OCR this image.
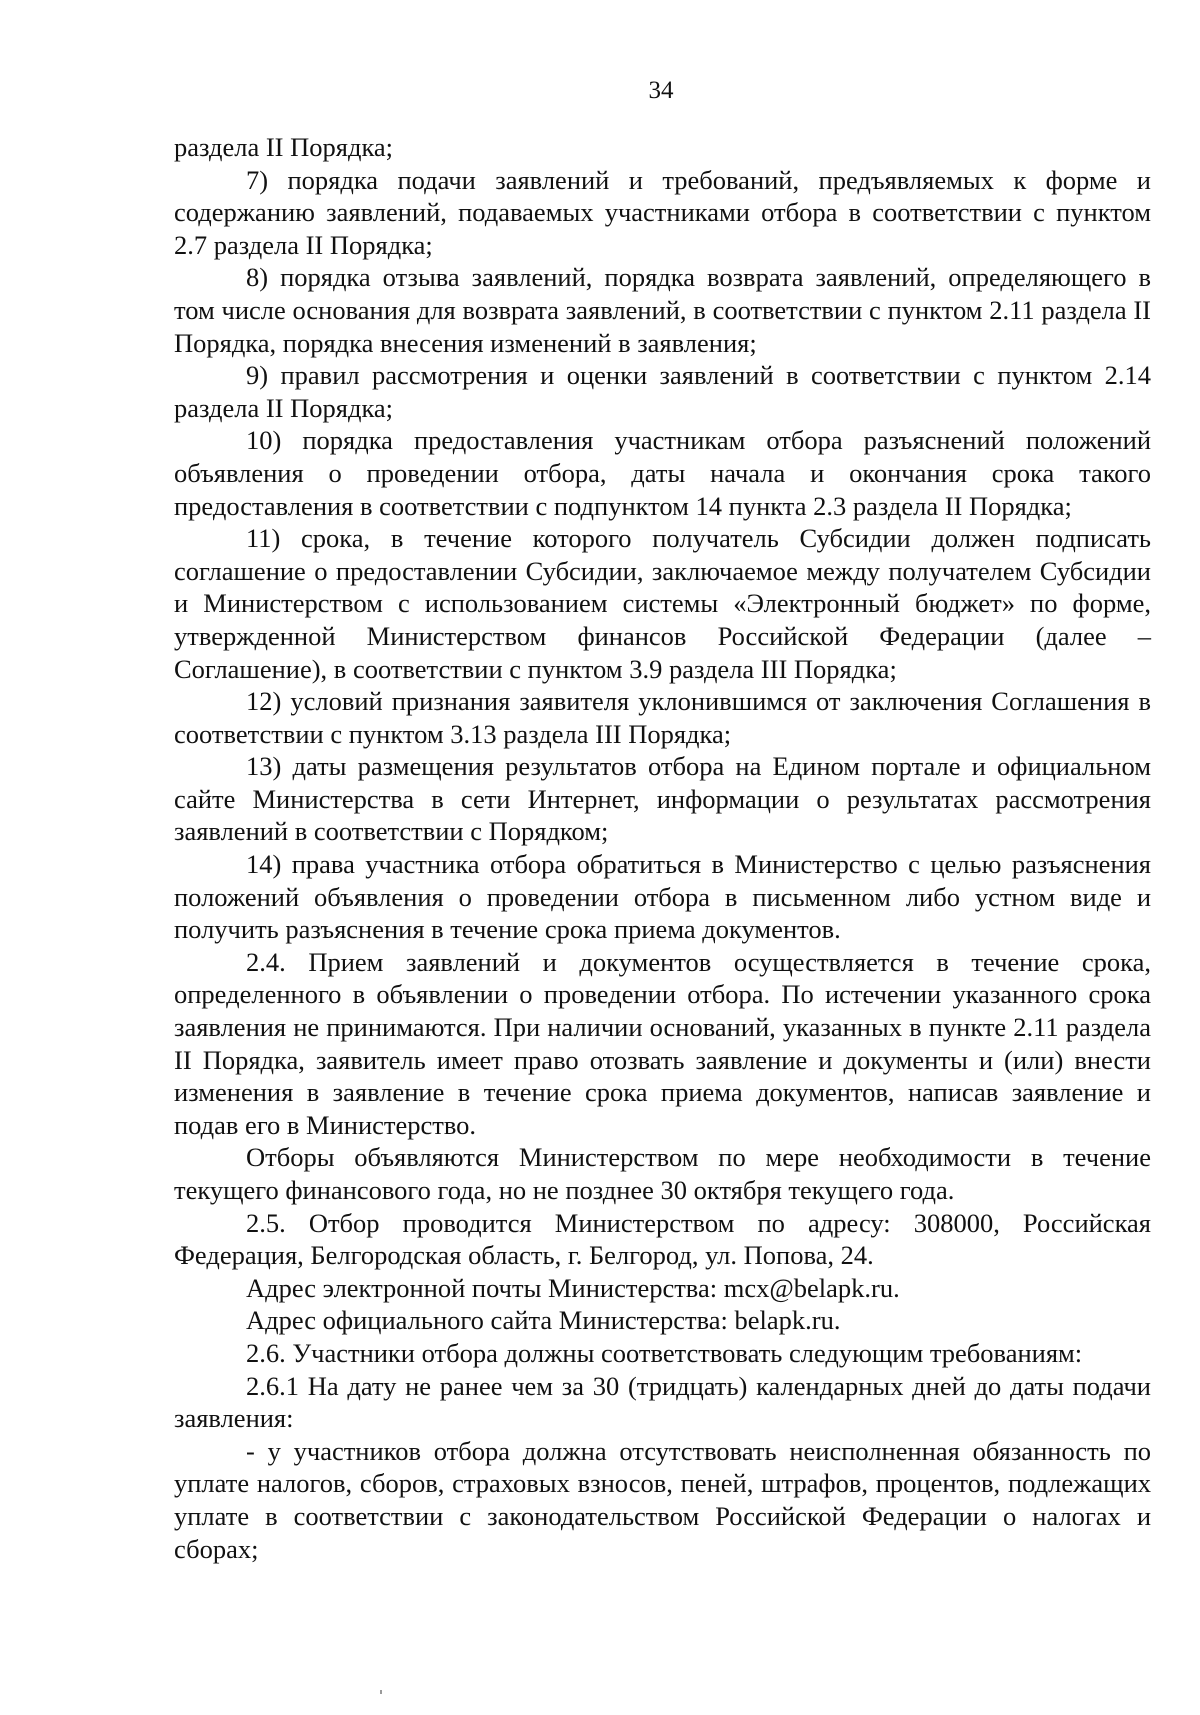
34

раздела II Порядка;

7) порядка подачи заявлений и требований, предъявляемых к форме и содержанию заявлений, подаваемых участниками отбора в соответствии с пунктом 2.7 раздела II Порядка;

8) порядка отзыва заявлений, порядка возврата заявлений, определяющего в том числе основания для возврата заявлений, в соответствии с пунктом 2.11 раздела II Порядка, порядка внесения изменений в заявления;

9) правил рассмотрения и оценки заявлений в соответствии с пунктом 2.14 раздела II Порядка;

10) порядка предоставления участникам отбора разъяснений положений объявления о проведении отбора, даты начала и окончания срока такого предоставления в соответствии с подпунктом 14 пункта 2.3 раздела II Порядка;

11) срока, в течение которого получатель Субсидии должен подписать соглашение о предоставлении Субсидии, заключаемое между получателем Субсидии и Министерством с использованием системы «Электронный бюджет» по форме, утвержденной Министерством финансов Российской Федерации (далее – Соглашение), в соответствии с пунктом 3.9 раздела III Порядка;

12) условий признания заявителя уклонившимся от заключения Соглашения в соответствии с пунктом 3.13 раздела III Порядка;

13) даты размещения результатов отбора на Едином портале и официальном сайте Министерства в сети Интернет, информации о результатах рассмотрения заявлений в соответствии с Порядком;

14) права участника отбора обратиться в Министерство с целью разъяснения положений объявления о проведении отбора в письменном либо устном виде и получить разъяснения в течение срока приема документов.

2.4. Прием заявлений и документов осуществляется в течение срока, определенного в объявлении о проведении отбора. По истечении указанного срока заявления не принимаются. При наличии оснований, указанных в пункте 2.11 раздела II Порядка, заявитель имеет право отозвать заявление и документы и (или) внести изменения в заявление в течение срока приема документов, написав заявление и подав его в Министерство.

Отборы объявляются Министерством по мере необходимости в течение текущего финансового года, но не позднее 30 октября текущего года.

2.5. Отбор проводится Министерством по адресу: 308000, Российская Федерация, Белгородская область, г. Белгород, ул. Попова, 24.

Адрес электронной почты Министерства: mcx@belapk.ru.

Адрес официального сайта Министерства: belapk.ru.

2.6. Участники отбора должны соответствовать следующим требованиям:

2.6.1 На дату не ранее чем за 30 (тридцать) календарных дней до даты подачи заявления:

- у участников отбора должна отсутствовать неисполненная обязанность по уплате налогов, сборов, страховых взносов, пеней, штрафов, процентов, подлежащих уплате в соответствии с законодательством Российской Федерации о налогах и сборах;
